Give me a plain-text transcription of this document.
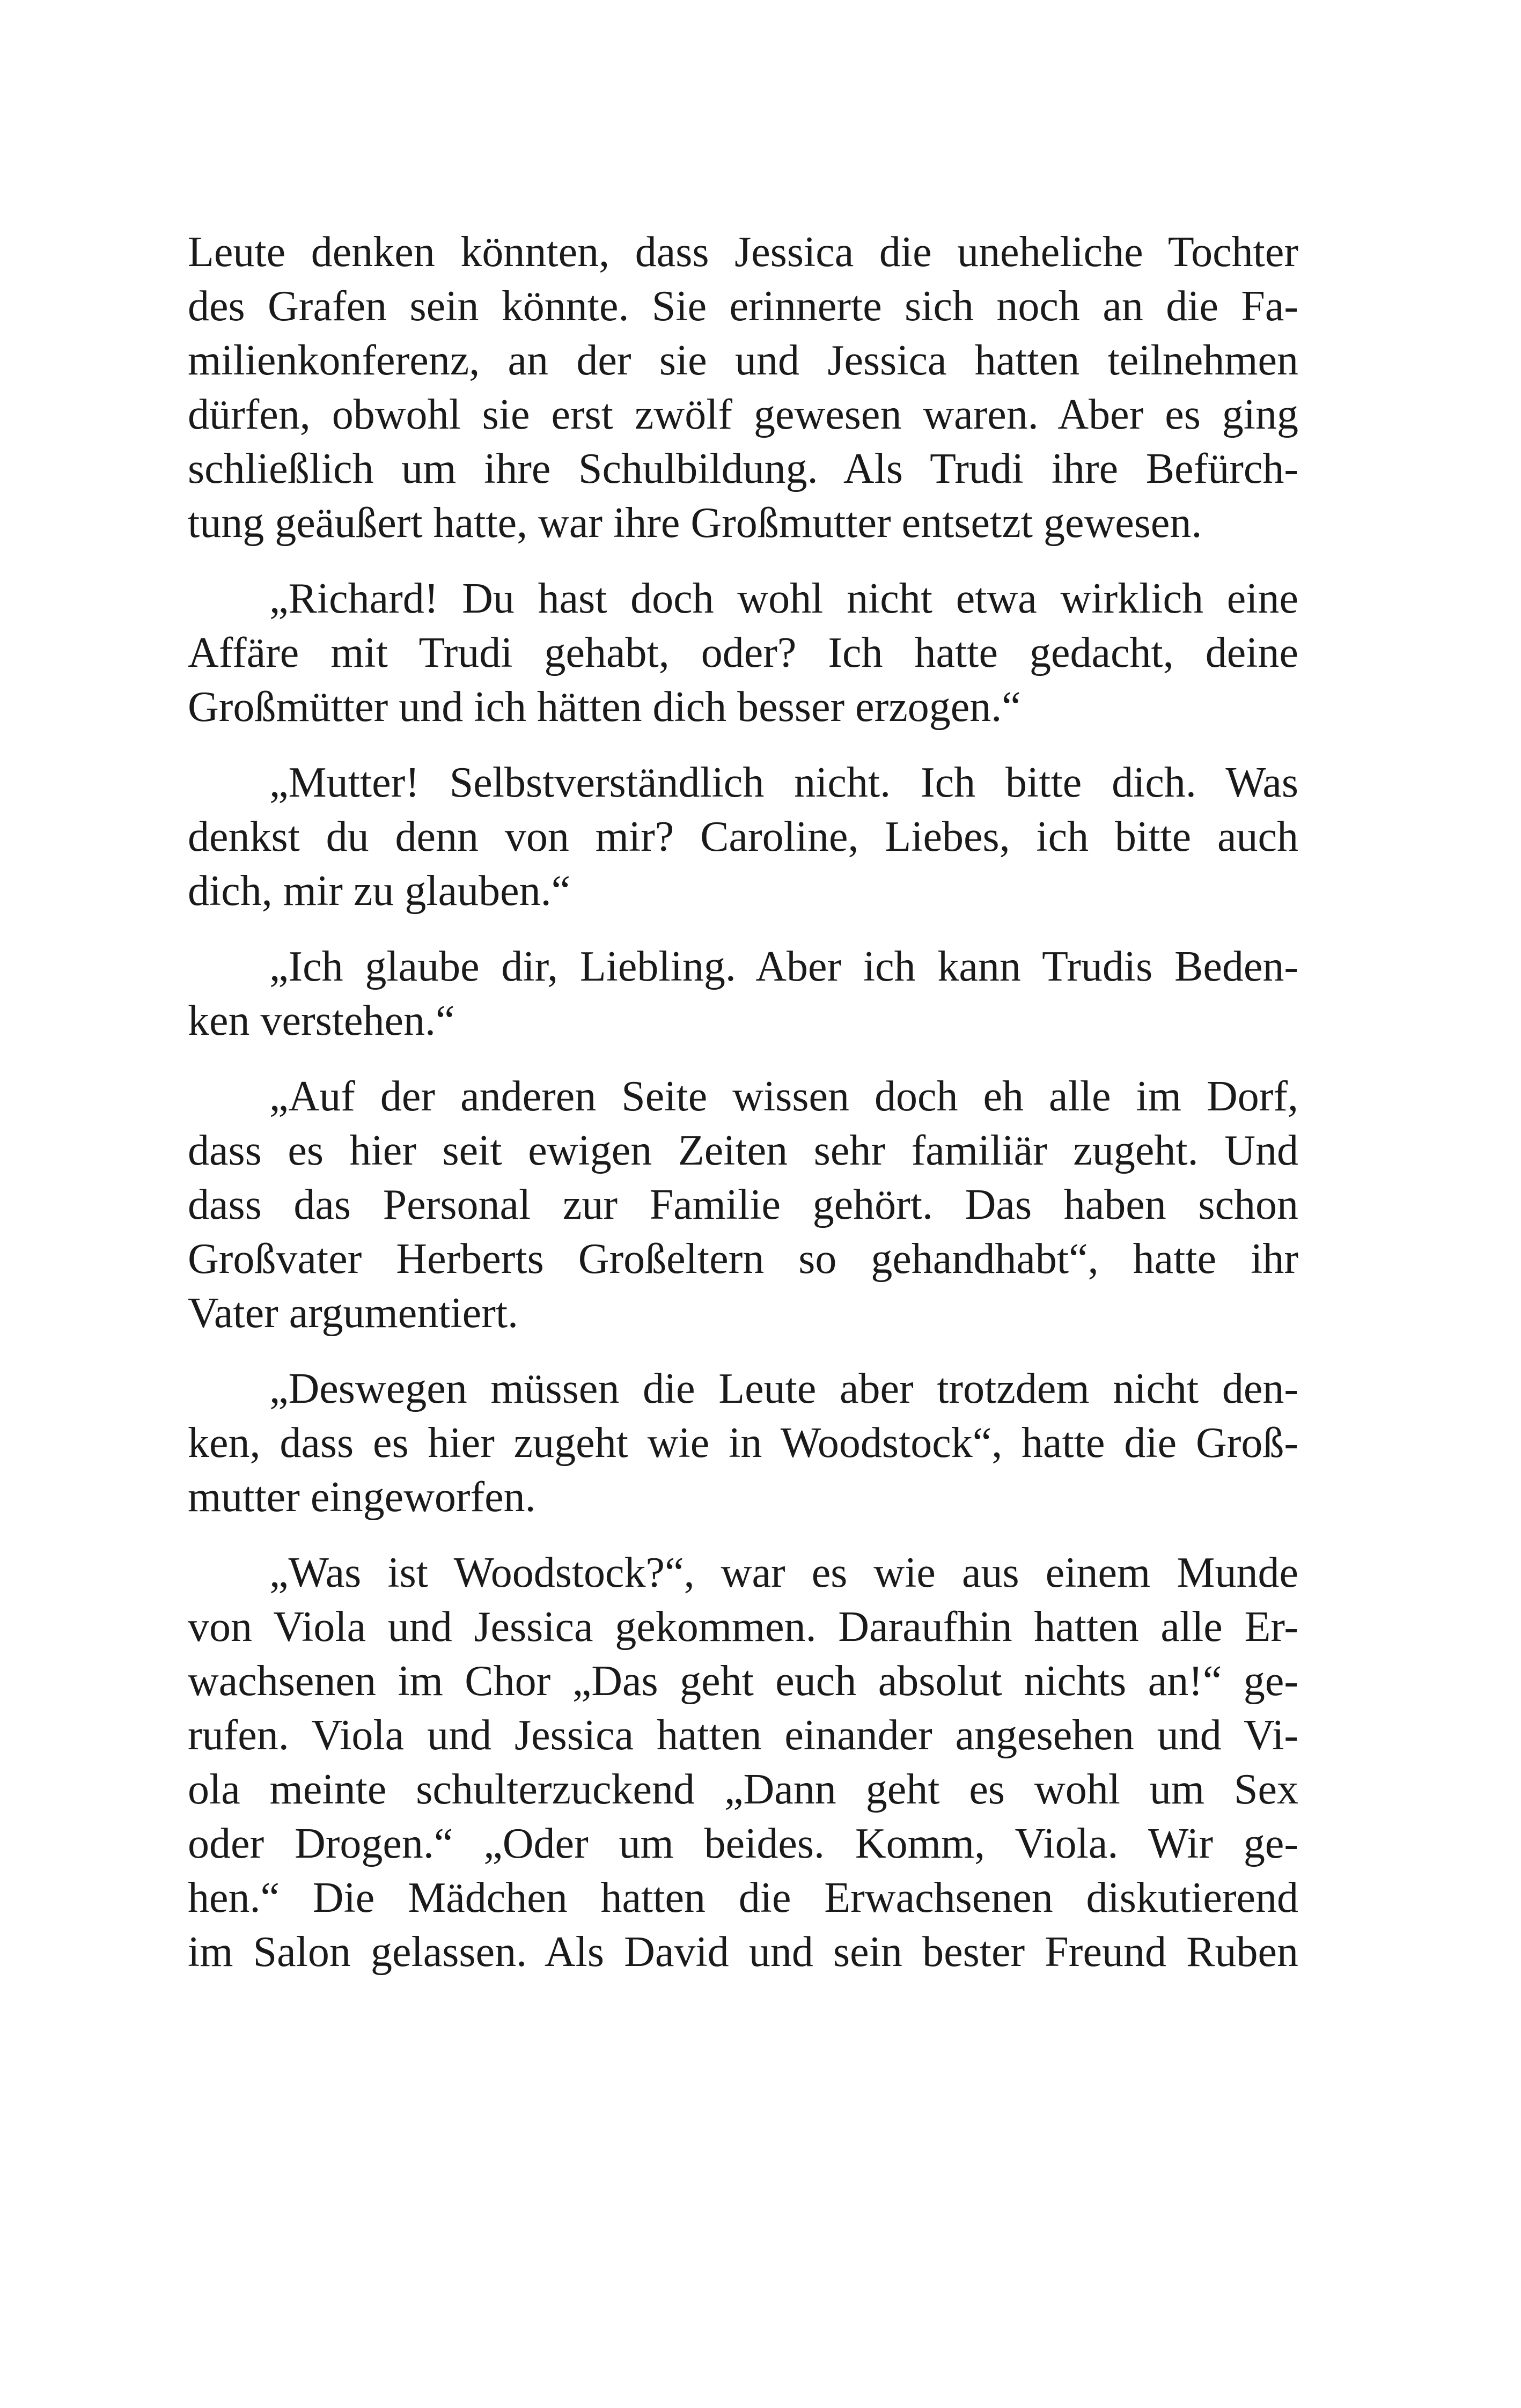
Leute denken könnten, dass Jessica die uneheliche Tochter
des Grafen sein könnte. Sie erinnerte sich noch an die Fa-
milienkonferenz, an der sie und Jessica hatten teilnehmen
dürfen, obwohl sie erst zwölf gewesen waren. Aber es ging
schließlich um ihre Schulbildung. Als Trudi ihre Befürch-
tung geäußert hatte, war ihre Großmutter entsetzt gewesen.
„Richard! Du hast doch wohl nicht etwa wirklich eine
Affäre mit Trudi gehabt, oder? Ich hatte gedacht, deine
Großmütter und ich hätten dich besser erzogen.“
„Mutter! Selbstverständlich nicht. Ich bitte dich. Was
denkst du denn von mir? Caroline, Liebes, ich bitte auch
dich, mir zu glauben.“
„Ich glaube dir, Liebling. Aber ich kann Trudis Beden-
ken verstehen.“
„Auf der anderen Seite wissen doch eh alle im Dorf,
dass es hier seit ewigen Zeiten sehr familiär zugeht. Und
dass das Personal zur Familie gehört. Das haben schon
Großvater Herberts Großeltern so gehandhabt“, hatte ihr
Vater argumentiert.
„Deswegen müssen die Leute aber trotzdem nicht den-
ken, dass es hier zugeht wie in Woodstock“, hatte die Groß-
mutter eingeworfen.
„Was ist Woodstock?“, war es wie aus einem Munde
von Viola und Jessica gekommen. Daraufhin hatten alle Er-
wachsenen im Chor „Das geht euch absolut nichts an!“ ge-
rufen. Viola und Jessica hatten einander angesehen und Vi-
ola meinte schulterzuckend „Dann geht es wohl um Sex
oder Drogen.“ „Oder um beides. Komm, Viola. Wir ge-
hen.“ Die Mädchen hatten die Erwachsenen diskutierend
im Salon gelassen. Als David und sein bester Freund Ruben
